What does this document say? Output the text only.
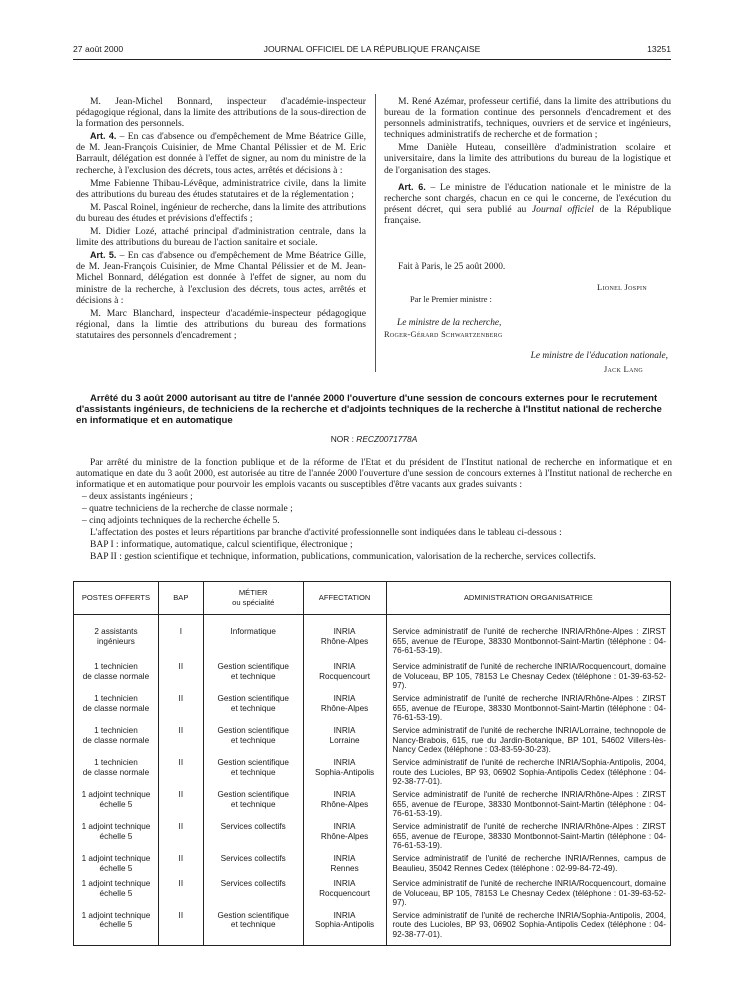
27 août 2000	JOURNAL OFFICIEL DE LA RÉPUBLIQUE FRANÇAISE	13251

M. Jean-Michel Bonnard, inspecteur d'académie-inspecteur pédagogique régional, dans la limite des attributions de la sous-direction de la formation des personnels.

Art. 4. – En cas d'absence ou d'empêchement de Mme Béatrice Gille, de M. Jean-François Cuisinier, de Mme Chantal Pélissier et de M. Eric Barrault, délégation est donnée à l'effet de signer, au nom du ministre de la recherche, à l'exclusion des décrets, tous actes, arrêtés et décisions à :

Mme Fabienne Thibau-Lévêque, administratrice civile, dans la limite des attributions du bureau des études statutaires et de la réglementation ;

M. Pascal Roinel, ingénieur de recherche, dans la limite des attributions du bureau des études et prévisions d'effectifs ;

M. Didier Lozé, attaché principal d'administration centrale, dans la limite des attributions du bureau de l'action sanitaire et sociale.

Art. 5. – En cas d'absence ou d'empêchement de Mme Béatrice Gille, de M. Jean-François Cuisinier, de Mme Chantal Pélissier et de M. Jean-Michel Bonnard, délégation est donnée à l'effet de signer, au nom du ministre de la recherche, à l'exclusion des décrets, tous actes, arrêtés et décisions à :

M. Marc Blanchard, inspecteur d'académie-inspecteur pédagogique régional, dans la limtie des attributions du bureau des formations statutaires des personnels d'encadrement ;

M. René Azémar, professeur certifié, dans la limite des attributions du bureau de la formation continue des personnels d'encadrement et des personnels administratifs, techniques, ouvriers et de service et ingénieurs, techniques administratifs de recherche et de formation ;

Mme Danièle Huteau, conseillère d'administration scolaire et universitaire, dans la limite des attributions du bureau de la logistique et de l'organisation des stages.

Art. 6. – Le ministre de l'éducation nationale et le ministre de la recherche sont chargés, chacun en ce qui le concerne, de l'exécution du présent décret, qui sera publié au Journal officiel de la République française.

Fait à Paris, le 25 août 2000.
Lionel Jospin
Par le Premier ministre :
Le ministre de la recherche,
Roger-Gérard Schwartzenberg
Le ministre de l'éducation nationale,
Jack Lang
Arrêté du 3 août 2000 autorisant au titre de l'année 2000 l'ouverture d'une session de concours externes pour le recrutement d'assistants ingénieurs, de techniciens de la recherche et d'adjoints techniques de la recherche à l'Institut national de recherche en informatique et en automatique
NOR : RECZ0071778A

Par arrêté du ministre de la fonction publique et de la réforme de l'Etat et du président de l'Institut national de recherche en informatique et en automatique en date du 3 août 2000, est autorisée au titre de l'année 2000 l'ouverture d'une session de concours externes à l'Institut national de recherche en informatique et en automatique pour pourvoir les emplois vacants ou susceptibles d'être vacants aux grades suivants :

– deux assistants ingénieurs ;

– quatre techniciens de la recherche de classe normale ;

– cinq adjoints techniques de la recherche échelle 5.

L'affectation des postes et leurs répartitions par branche d'activité professionnelle sont indiquées dans le tableau ci-dessous :

BAP I : informatique, automatique, calcul scientifique, électronique ;

BAP II : gestion scientifique et technique, information, publications, communication, valorisation de la recherche, services collectifs.

POSTES OFFERTS	BAP	MÉTIER
ou spécialité	AFFECTATION	ADMINISTRATION ORGANISATRICE
2 assistants
ingénieurs	I	Informatique	INRIA
Rhône-Alpes	Service administratif de l'unité de recherche INRIA/Rhône-Alpes : ZIRST 655, avenue de l'Europe, 38330 Montbonnot-Saint-Martin (téléphone : 04-76-61-53-19).
1 technicien
de classe normale	II	Gestion scientifique
et technique	INRIA
Rocquencourt	Service administratif de l'unité de recherche INRIA/Rocquencourt, domaine de Voluceau, BP 105, 78153 Le Chesnay Cedex (téléphone : 01-39-63-52-97).
1 technicien
de classe normale	II	Gestion scientifique
et technique	INRIA
Rhône-Alpes	Service administratif de l'unité de recherche INRIA/Rhône-Alpes : ZIRST 655, avenue de l'Europe, 38330 Montbonnot-Saint-Martin (téléphone : 04-76-61-53-19).
1 technicien
de classe normale	II	Gestion scientifique
et technique	INRIA
Lorraine	Service administratif de l'unité de recherche INRIA/Lorraine, technopole de Nancy-Brabois, 615, rue du Jardin-Botanique, BP 101, 54602 Villers-lès-Nancy Cedex (téléphone : 03-83-59-30-23).
1 technicien
de classe normale	II	Gestion scientifique
et technique	INRIA
Sophia-Antipolis	Service administratif de l'unité de recherche INRIA/Sophia-Antipolis, 2004, route des Lucioles, BP 93, 06902 Sophia-Antipolis Cedex (téléphone : 04-92-38-77-01).
1 adjoint technique
échelle 5	II	Gestion scientifique
et technique	INRIA
Rhône-Alpes	Service administratif de l'unité de recherche INRIA/Rhône-Alpes : ZIRST 655, avenue de l'Europe, 38330 Montbonnot-Saint-Martin (téléphone : 04-76-61-53-19).
1 adjoint technique
échelle 5	II	Services collectifs	INRIA
Rhône-Alpes	Service administratif de l'unité de recherche INRIA/Rhône-Alpes : ZIRST 655, avenue de l'Europe, 38330 Montbonnot-Saint-Martin (téléphone : 04-76-61-53-19).
1 adjoint technique
échelle 5	II	Services collectifs	INRIA
Rennes	Service administratif de l'unité de recherche INRIA/Rennes, campus de Beaulieu, 35042 Rennes Cedex (téléphone : 02-99-84-72-49).
1 adjoint technique
échelle 5	II	Services collectifs	INRIA
Rocquencourt	Service administratif de l'unité de recherche INRIA/Rocquencourt, domaine de Voluceau, BP 105, 78153 Le Chesnay Cedex (téléphone : 01-39-63-52-97).
1 adjoint technique
échelle 5	II	Gestion scientifique
et technique	INRIA
Sophia-Antipolis	Service administratif de l'unité de recherche INRIA/Sophia-Antipolis, 2004, route des Lucioles, BP 93, 06902 Sophia-Antipolis Cedex (téléphone : 04-92-38-77-01).
